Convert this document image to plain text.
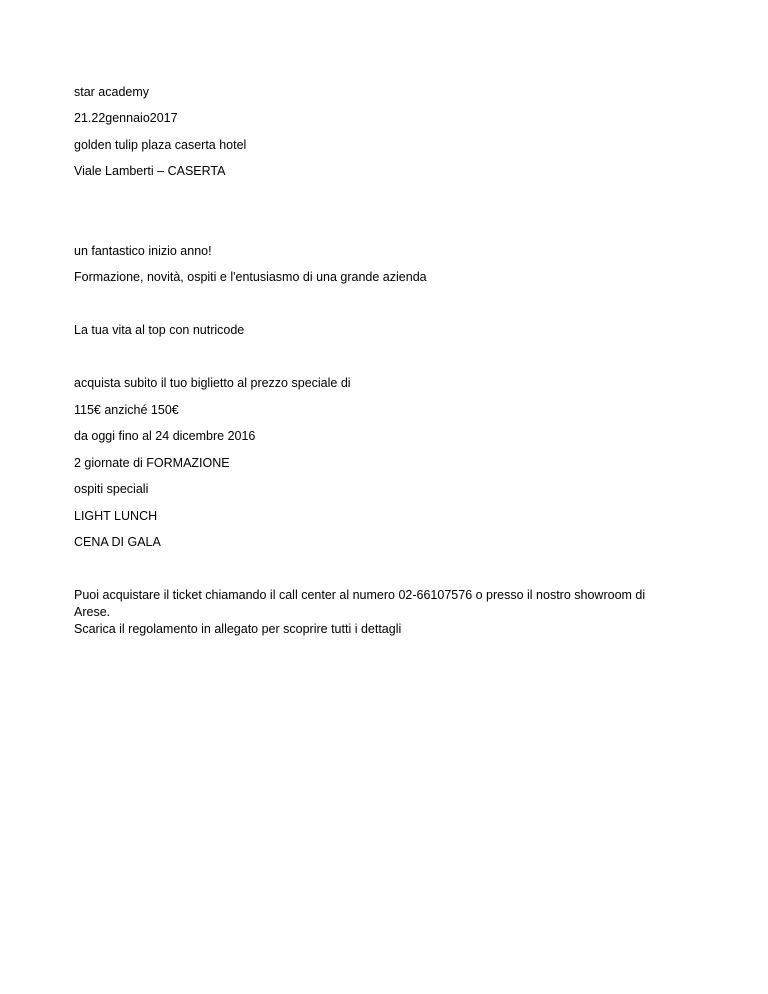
star academy
21.22gennaio2017
golden tulip plaza caserta hotel
Viale Lamberti – CASERTA
un fantastico inizio anno!
Formazione, novità, ospiti e l'entusiasmo di una grande azienda
La tua vita al top con nutricode
acquista subito il tuo biglietto al prezzo speciale di
115€ anziché 150€
da oggi fino al 24 dicembre 2016
2 giornate di FORMAZIONE
ospiti speciali
LIGHT LUNCH
CENA DI GALA
Puoi acquistare il ticket chiamando il call center al numero 02-66107576 o presso il nostro showroom di
Arese.
Scarica il regolamento in allegato per scoprire tutti i dettagli
